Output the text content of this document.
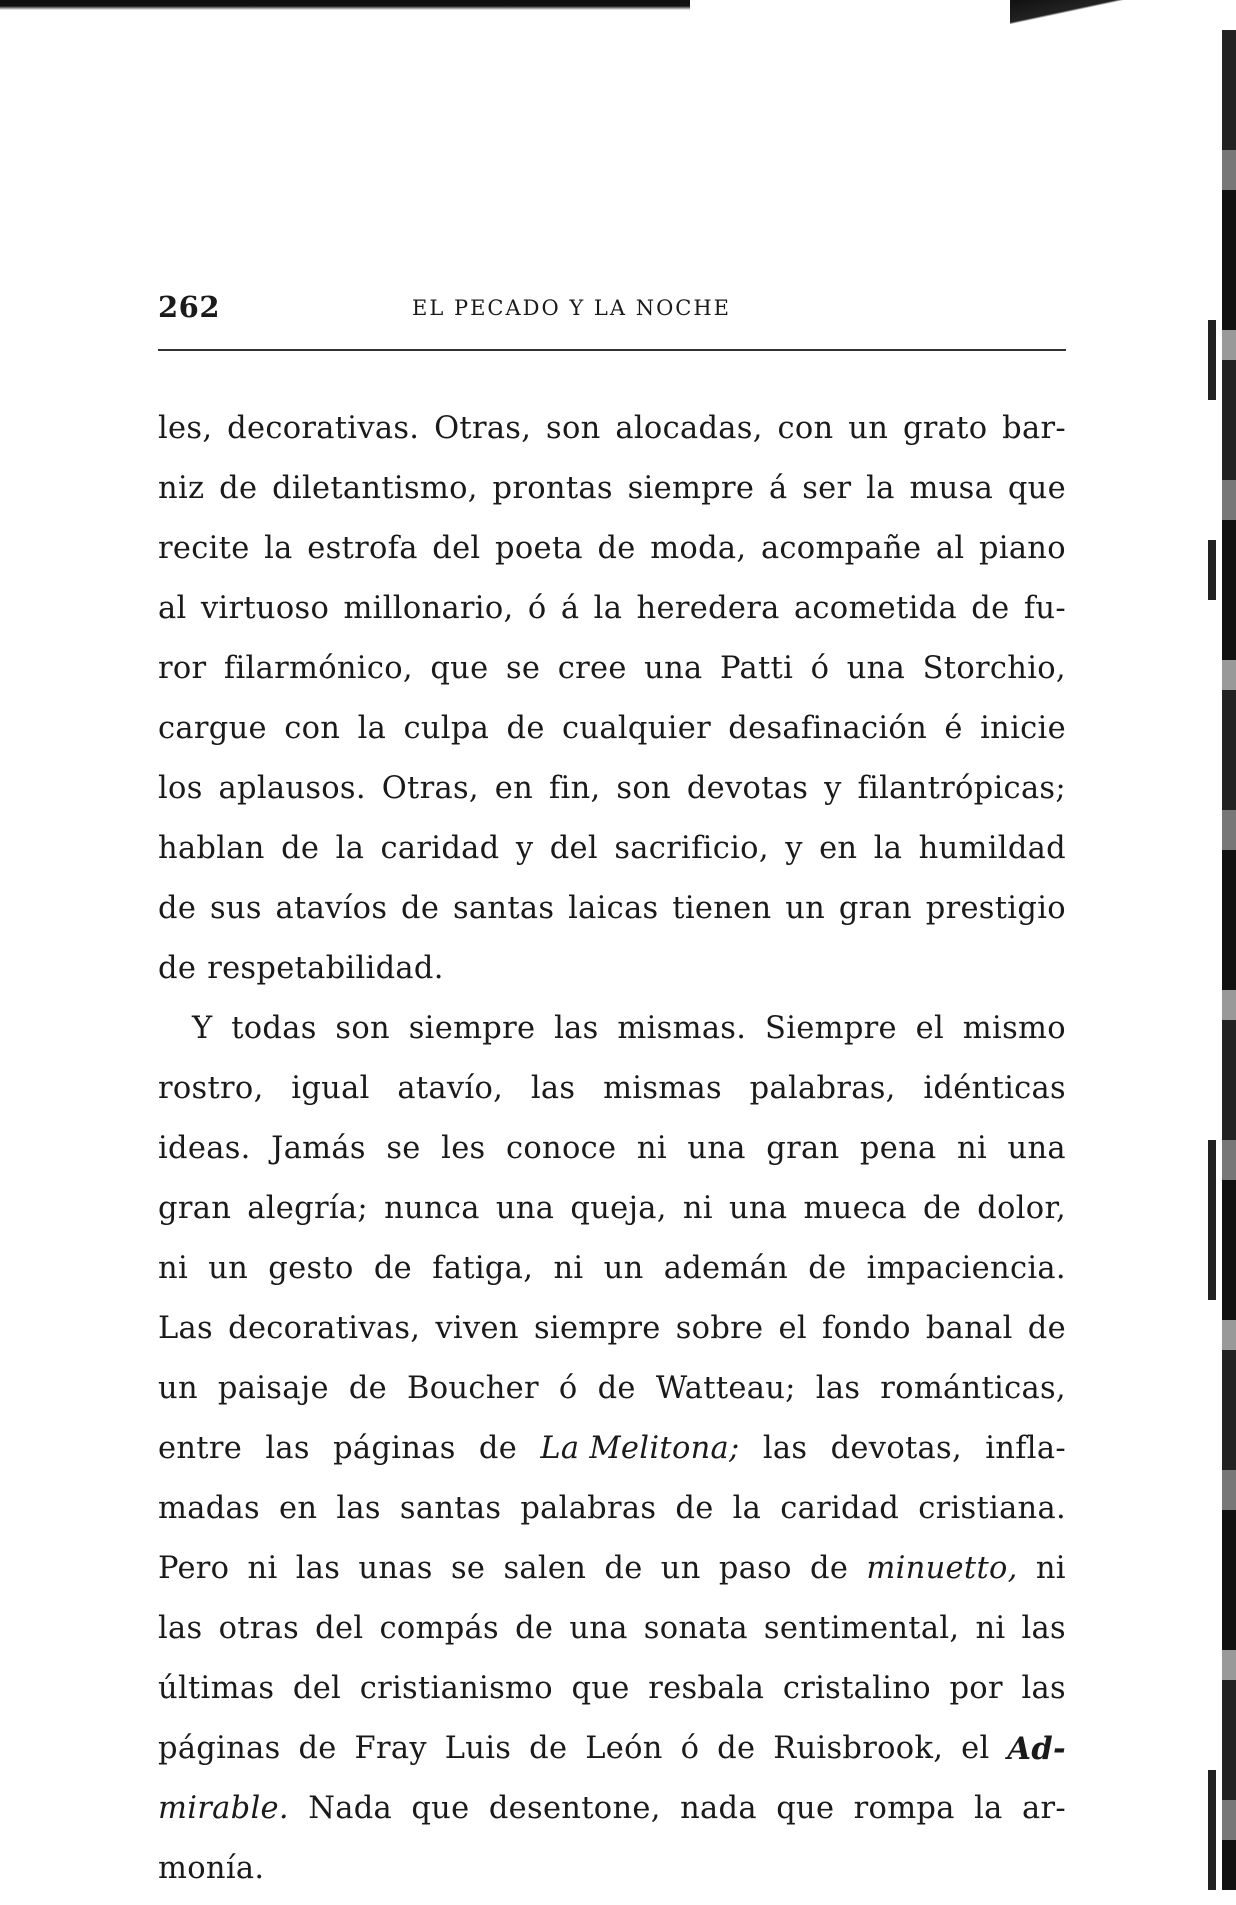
262	EL PECADO Y LA NOCHE
les, decorativas. Otras, son alocadas, con un grato bar-
niz de diletantismo, prontas siempre á ser la musa que
recite la estrofa del poeta de moda, acompañe al piano
al virtuoso millonario, ó á la heredera acometida de fu-
ror filarmónico, que se cree una Patti ó una Storchio,
cargue con la culpa de cualquier desafinación é inicie
los aplausos. Otras, en fin, son devotas y filantrópicas;
hablan de la caridad y del sacrificio, y en la humildad
de sus atavíos de santas laicas tienen un gran prestigio
de respetabilidad.
Y todas son siempre las mismas. Siempre el mismo
rostro, igual atavío, las mismas palabras, idénticas
ideas. Jamás se les conoce ni una gran pena ni una
gran alegría; nunca una queja, ni una mueca de dolor,
ni un gesto de fatiga, ni un ademán de impaciencia.
Las decorativas, viven siempre sobre el fondo banal de
un paisaje de Boucher ó de Watteau; las románticas,
entre las páginas de La Melitona; las devotas, infla-
madas en las santas palabras de la caridad cristiana.
Pero ni las unas se salen de un paso de minuetto, ni
las otras del compás de una sonata sentimental, ni las
últimas del cristianismo que resbala cristalino por las
páginas de Fray Luis de León ó de Ruisbrook, el Ad-
mirable. Nada que desentone, nada que rompa la ar-
monía.
